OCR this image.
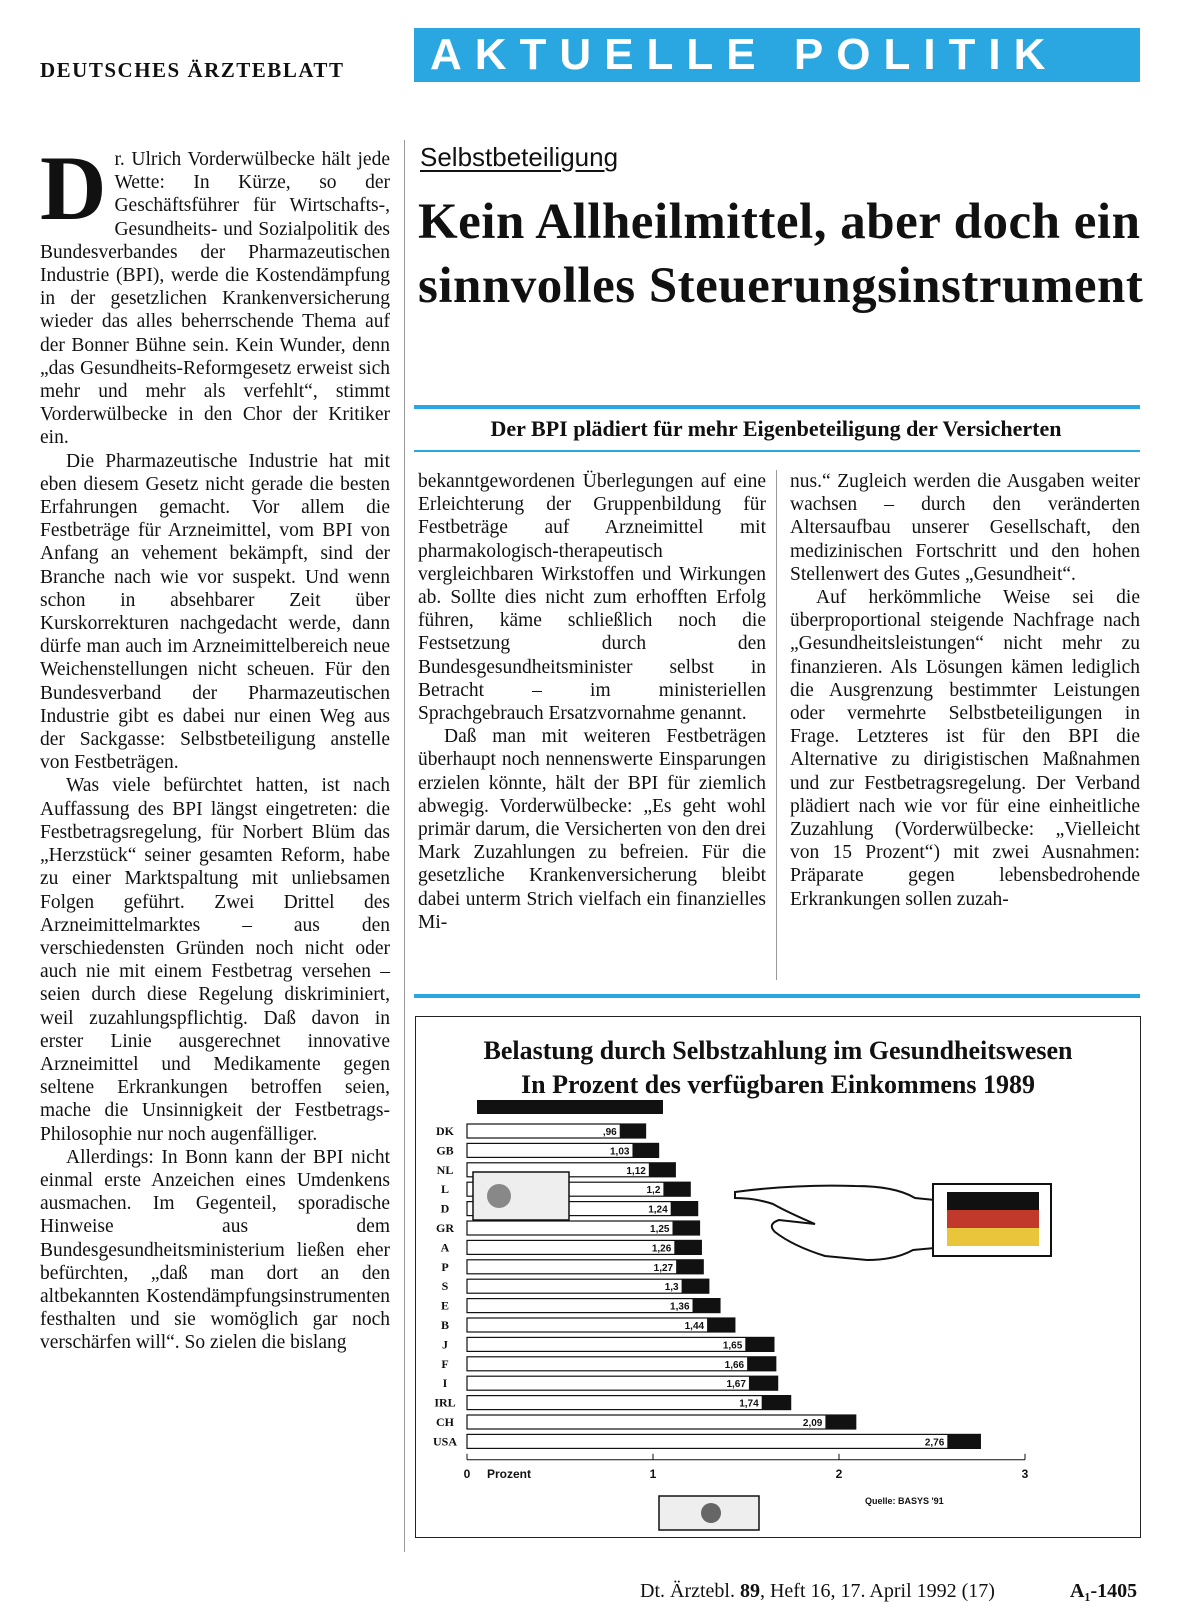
DEUTSCHES ÄRZTEBLATT AKTUELLE POLITIK

Dr. Ulrich Vorderwülbecke hält jede Wette: In Kürze, so der Geschäftsführer für Wirtschafts-, Gesundheits- und Sozialpolitik des Bundesverbandes der Pharmazeutischen Industrie (BPI), werde die Kostendämpfung in der gesetzlichen Krankenversicherung wieder das alles beherrschende Thema auf der Bonner Bühne sein. Kein Wunder, denn „das Gesundheits-Reformgesetz erweist sich mehr und mehr als verfehlt“, stimmt Vorderwülbecke in den Chor der Kritiker ein.

Die Pharmazeutische Industrie hat mit eben diesem Gesetz nicht gerade die besten Erfahrungen gemacht. Vor allem die Festbeträge für Arzneimittel, vom BPI von Anfang an vehement bekämpft, sind der Branche nach wie vor suspekt. Und wenn schon in absehbarer Zeit über Kurskorrekturen nachgedacht werde, dann dürfe man auch im Arzneimittelbereich neue Weichenstellungen nicht scheuen. Für den Bundesverband der Pharmazeutischen Industrie gibt es dabei nur einen Weg aus der Sackgasse: Selbstbeteiligung anstelle von Festbeträgen.

Was viele befürchtet hatten, ist nach Auffassung des BPI längst eingetreten: die Festbetragsregelung, für Norbert Blüm das „Herzstück“ seiner gesamten Reform, habe zu einer Marktspaltung mit unliebsamen Folgen geführt. Zwei Drittel des Arzneimittelmarktes – aus den verschiedensten Gründen noch nicht oder auch nie mit einem Festbetrag versehen – seien durch diese Regelung diskriminiert, weil zuzahlungspflichtig. Daß davon in erster Linie ausgerechnet innovative Arzneimittel und Medikamente gegen seltene Erkrankungen betroffen seien, mache die Unsinnigkeit der Festbetrags-Philosophie nur noch augenfälliger.

Allerdings: In Bonn kann der BPI nicht einmal erste Anzeichen eines Umdenkens ausmachen. Im Gegenteil, sporadische Hinweise aus dem Bundesgesundheitsministerium ließen eher befürchten, „daß man dort an den altbekannten Kostendämpfungsinstrumenten festhalten und sie womöglich gar noch verschärfen will“. So zielen die bislang

Selbstbeteiligung
Kein Allheilmittel, aber doch ein sinnvolles Steuerungsinstrument
Der BPI plädiert für mehr Eigenbeteiligung der Versicherten

bekanntgewordenen Überlegungen auf eine Erleichterung der Gruppenbildung für Festbeträge auf Arzneimittel mit pharmakologisch-therapeutisch vergleichbaren Wirkstoffen und Wirkungen ab. Sollte dies nicht zum erhofften Erfolg führen, käme schließlich noch die Festsetzung durch den Bundesgesundheitsminister selbst in Betracht – im ministeriellen Sprachgebrauch Ersatzvornahme genannt.

Daß man mit weiteren Festbeträgen überhaupt noch nennenswerte Einsparungen erzielen könnte, hält der BPI für ziemlich abwegig. Vorderwülbecke: „Es geht wohl primär darum, die Versicherten von den drei Mark Zuzahlungen zu befreien. Für die gesetzliche Krankenversicherung bleibt dabei unterm Strich vielfach ein finanzielles Mi-

nus.“ Zugleich werden die Ausgaben weiter wachsen – durch den veränderten Altersaufbau unserer Gesellschaft, den medizinischen Fortschritt und den hohen Stellenwert des Gutes „Gesundheit“.

Auf herkömmliche Weise sei die überproportional steigende Nachfrage nach „Gesundheitsleistungen“ nicht mehr zu finanzieren. Als Lösungen kämen lediglich die Ausgrenzung bestimmter Leistungen oder vermehrte Selbstbeteiligungen in Frage. Letzteres ist für den BPI die Alternative zu dirigistischen Maßnahmen und zur Festbetragsregelung. Der Verband plädiert nach wie vor für eine einheitliche Zuzahlung (Vorderwülbecke: „Vielleicht von 15 Prozent“) mit zwei Ausnahmen: Präparate gegen lebensbedrohende Erkrankungen sollen zuzah-

Belastung durch Selbstzahlung im Gesundheitswesen
In Prozent des verfügbaren Einkommens 1989
,96
DK
1,03
GB
1,12
NL
1,2
L
1,24
D
1,25
GR
1,26
A
1,27
P
1,3
S
1,36
E
1,44
B
1,65
J
1,66
F
1,67
I
1,74
IRL
2,09
CH
2,76
USA
0	1	2	3
Prozent
Quelle: BASYS '91
Dt. Ärztebl. 89, Heft 16, 17. April 1992 (17)	A₁-1405
